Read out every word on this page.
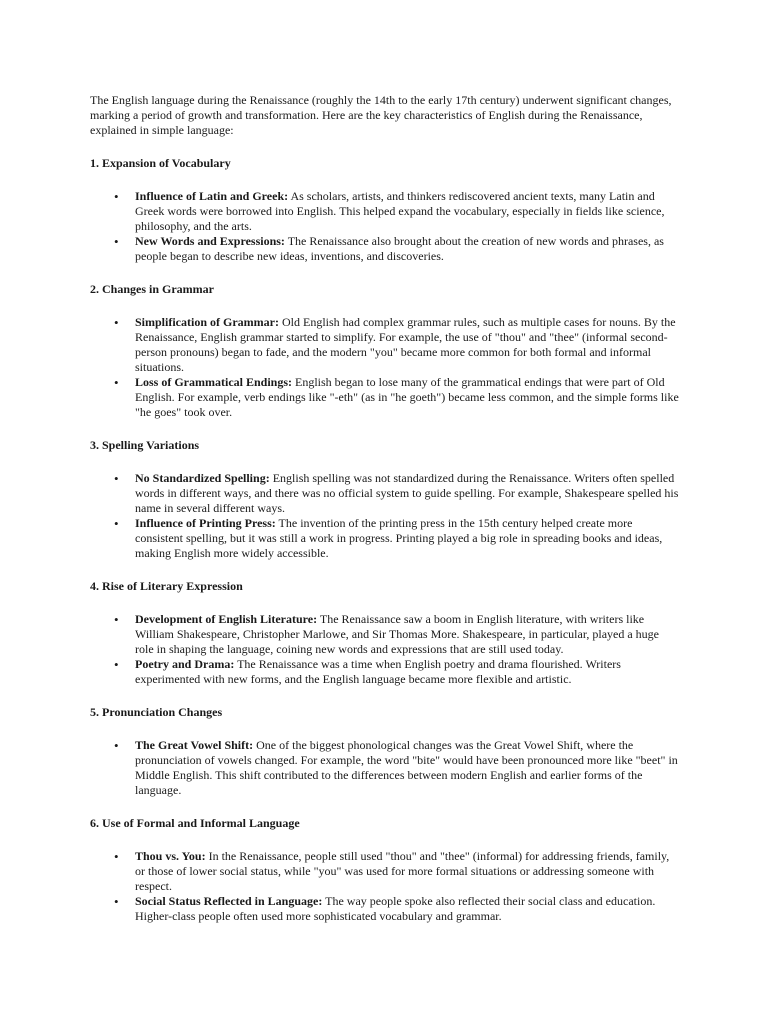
The English language during the Renaissance (roughly the 14th to the early 17th century) underwent significant changes, marking a period of growth and transformation. Here are the key characteristics of English during the Renaissance, explained in simple language:

1. Expansion of Vocabulary
• Influence of Latin and Greek: As scholars, artists, and thinkers rediscovered ancient texts, many Latin and Greek words were borrowed into English. This helped expand the vocabulary, especially in fields like science, philosophy, and the arts.
• New Words and Expressions: The Renaissance also brought about the creation of new words and phrases, as people began to describe new ideas, inventions, and discoveries.
2. Changes in Grammar
• Simplification of Grammar: Old English had complex grammar rules, such as multiple cases for nouns. By the Renaissance, English grammar started to simplify. For example, the use of "thou" and "thee" (informal second-person pronouns) began to fade, and the modern "you" became more common for both formal and informal situations.
• Loss of Grammatical Endings: English began to lose many of the grammatical endings that were part of Old English. For example, verb endings like "-eth" (as in "he goeth") became less common, and the simple forms like "he goes" took over.
3. Spelling Variations
• No Standardized Spelling: English spelling was not standardized during the Renaissance. Writers often spelled words in different ways, and there was no official system to guide spelling. For example, Shakespeare spelled his name in several different ways.
• Influence of Printing Press: The invention of the printing press in the 15th century helped create more consistent spelling, but it was still a work in progress. Printing played a big role in spreading books and ideas, making English more widely accessible.
4. Rise of Literary Expression
• Development of English Literature: The Renaissance saw a boom in English literature, with writers like William Shakespeare, Christopher Marlowe, and Sir Thomas More. Shakespeare, in particular, played a huge role in shaping the language, coining new words and expressions that are still used today.
• Poetry and Drama: The Renaissance was a time when English poetry and drama flourished. Writers experimented with new forms, and the English language became more flexible and artistic.
5. Pronunciation Changes
• The Great Vowel Shift: One of the biggest phonological changes was the Great Vowel Shift, where the pronunciation of vowels changed. For example, the word "bite" would have been pronounced more like "beet" in Middle English. This shift contributed to the differences between modern English and earlier forms of the language.
6. Use of Formal and Informal Language
• Thou vs. You: In the Renaissance, people still used "thou" and "thee" (informal) for addressing friends, family, or those of lower social status, while "you" was used for more formal situations or addressing someone with respect.
• Social Status Reflected in Language: The way people spoke also reflected their social class and education. Higher-class people often used more sophisticated vocabulary and grammar.
